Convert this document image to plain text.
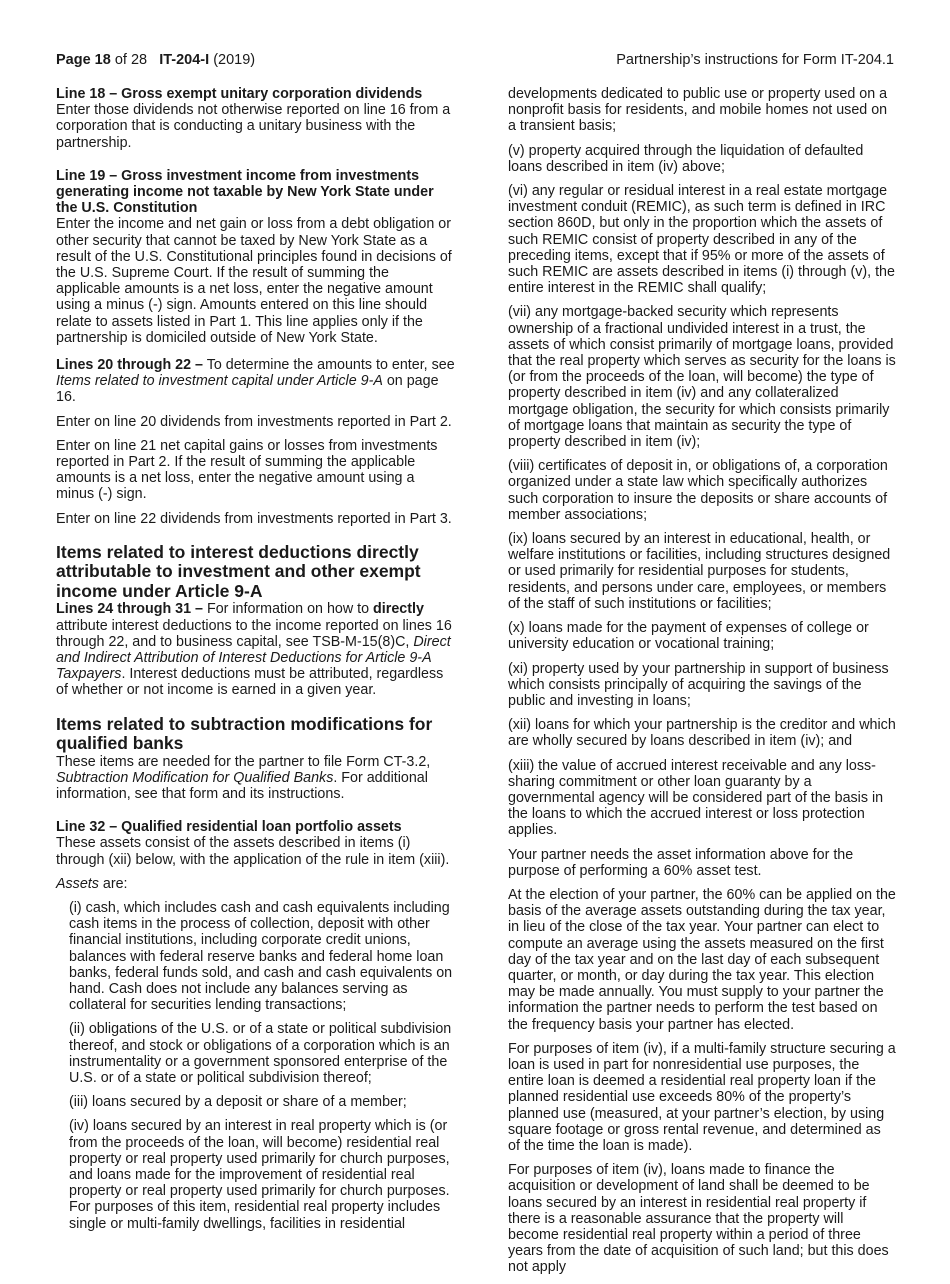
Page 18 of 28 IT-204-I (2019)	Partnership’s instructions for Form IT-204.1

Line 18 – Gross exempt unitary corporation dividends

Enter those dividends not otherwise reported on line 16 from a corporation that is conducting a unitary business with the partnership.

Line 19 – Gross investment income from investments generating income not taxable by New York State under the U.S. Constitution

Enter the income and net gain or loss from a debt obligation or other security that cannot be taxed by New York State as a result of the U.S. Constitutional principles found in decisions of the U.S. Supreme Court. If the result of summing the applicable amounts is a net loss, enter the negative amount using a minus (-) sign. Amounts entered on this line should relate to assets listed in Part 1. This line applies only if the partnership is domiciled outside of New York State.

Lines 20 through 22 – To determine the amounts to enter, see Items related to investment capital under Article 9-A on page 16.

Enter on line 20 dividends from investments reported in Part 2.

Enter on line 21 net capital gains or losses from investments reported in Part 2. If the result of summing the applicable amounts is a net loss, enter the negative amount using a minus (-) sign.

Enter on line 22 dividends from investments reported in Part 3.

Items related to interest deductions directly attributable to investment and other exempt income under Article 9-A

Lines 24 through 31 – For information on how to directly attribute interest deductions to the income reported on lines 16 through 22, and to business capital, see TSB-M-15(8)C, Direct and Indirect Attribution of Interest Deductions for Article 9-A Taxpayers. Interest deductions must be attributed, regardless of whether or not income is earned in a given year.

Items related to subtraction modifications for qualified banks

These items are needed for the partner to file Form CT-3.2, Subtraction Modification for Qualified Banks. For additional information, see that form and its instructions.

Line 32 – Qualified residential loan portfolio assets

These assets consist of the assets described in items (i) through (xii) below, with the application of the rule in item (xiii).

Assets are:

(i) cash, which includes cash and cash equivalents including cash items in the process of collection, deposit with other financial institutions, including corporate credit unions, balances with federal reserve banks and federal home loan banks, federal funds sold, and cash and cash equivalents on hand. Cash does not include any balances serving as collateral for securities lending transactions;

(ii) obligations of the U.S. or of a state or political subdivision thereof, and stock or obligations of a corporation which is an instrumentality or a government sponsored enterprise of the U.S. or of a state or political subdivision thereof;

(iii) loans secured by a deposit or share of a member;

(iv) loans secured by an interest in real property which is (or from the proceeds of the loan, will become) residential real property or real property used primarily for church purposes, and loans made for the improvement of residential real property or real property used primarily for church purposes. For purposes of this item, residential real property includes single or multi-family dwellings, facilities in residential

developments dedicated to public use or property used on a nonprofit basis for residents, and mobile homes not used on a transient basis;

(v) property acquired through the liquidation of defaulted loans described in item (iv) above;

(vi) any regular or residual interest in a real estate mortgage investment conduit (REMIC), as such term is defined in IRC section 860D, but only in the proportion which the assets of such REMIC consist of property described in any of the preceding items, except that if 95% or more of the assets of such REMIC are assets described in items (i) through (v), the entire interest in the REMIC shall qualify;

(vii) any mortgage-backed security which represents ownership of a fractional undivided interest in a trust, the assets of which consist primarily of mortgage loans, provided that the real property which serves as security for the loans is (or from the proceeds of the loan, will become) the type of property described in item (iv) and any collateralized mortgage obligation, the security for which consists primarily of mortgage loans that maintain as security the type of property described in item (iv);

(viii) certificates of deposit in, or obligations of, a corporation organized under a state law which specifically authorizes such corporation to insure the deposits or share accounts of member associations;

(ix) loans secured by an interest in educational, health, or welfare institutions or facilities, including structures designed or used primarily for residential purposes for students, residents, and persons under care, employees, or members of the staff of such institutions or facilities;

(x) loans made for the payment of expenses of college or university education or vocational training;

(xi) property used by your partnership in support of business which consists principally of acquiring the savings of the public and investing in loans;

(xii) loans for which your partnership is the creditor and which are wholly secured by loans described in item (iv); and

(xiii) the value of accrued interest receivable and any loss-sharing commitment or other loan guaranty by a governmental agency will be considered part of the basis in the loans to which the accrued interest or loss protection applies.

Your partner needs the asset information above for the purpose of performing a 60% asset test.

At the election of your partner, the 60% can be applied on the basis of the average assets outstanding during the tax year, in lieu of the close of the tax year. Your partner can elect to compute an average using the assets measured on the first day of the tax year and on the last day of each subsequent quarter, or month, or day during the tax year. This election may be made annually. You must supply to your partner the information the partner needs to perform the test based on the frequency basis your partner has elected.

For purposes of item (iv), if a multi-family structure securing a loan is used in part for nonresidential use purposes, the entire loan is deemed a residential real property loan if the planned residential use exceeds 80% of the property’s planned use (measured, at your partner’s election, by using square footage or gross rental revenue, and determined as of the time the loan is made).

For purposes of item (iv), loans made to finance the acquisition or development of land shall be deemed to be loans secured by an interest in residential real property if there is a reasonable assurance that the property will become residential real property within a period of three years from the date of acquisition of such land; but this does not apply
